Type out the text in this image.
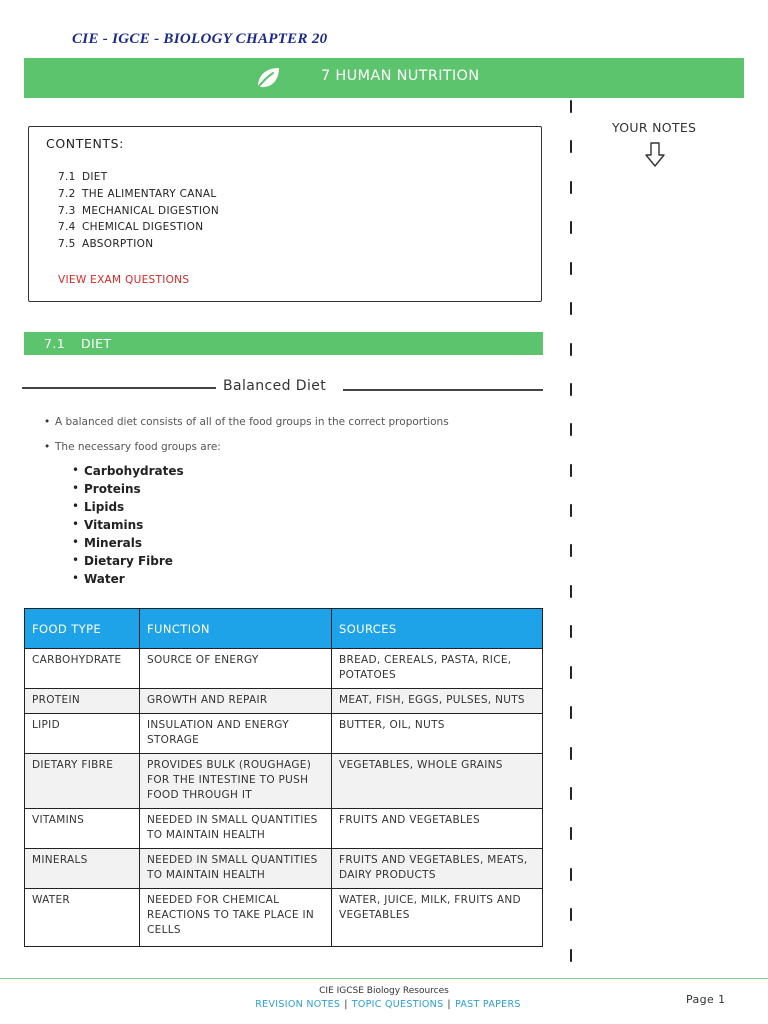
CIE - IGCE - BIOLOGY CHAPTER 20
7 HUMAN NUTRITION
YOUR NOTES
CONTENTS:
7.1 DIET
7.2 THE ALIMENTARY CANAL
7.3 MECHANICAL DIGESTION
7.4 CHEMICAL DIGESTION
7.5 ABSORPTION
VIEW EXAM QUESTIONS
7.1 DIET
Balanced Diet
• A balanced diet consists of all of the food groups in the correct proportions
• The necessary food groups are:
• Carbohydrates
• Proteins
• Lipids
• Vitamins
• Minerals
• Dietary Fibre
• Water
FOOD TYPE	FUNCTION	SOURCES
CARBOHYDRATE	SOURCE OF ENERGY	BREAD, CEREALS, PASTA, RICE, POTATOES
PROTEIN	GROWTH AND REPAIR	MEAT, FISH, EGGS, PULSES, NUTS
LIPID	INSULATION AND ENERGY STORAGE	BUTTER, OIL, NUTS
DIETARY FIBRE	PROVIDES BULK (ROUGHAGE) FOR THE INTESTINE TO PUSH FOOD THROUGH IT	VEGETABLES, WHOLE GRAINS
VITAMINS	NEEDED IN SMALL QUANTITIES TO MAINTAIN HEALTH	FRUITS AND VEGETABLES
MINERALS	NEEDED IN SMALL QUANTITIES TO MAINTAIN HEALTH	FRUITS AND VEGETABLES, MEATS, DAIRY PRODUCTS
WATER	NEEDED FOR CHEMICAL REACTIONS TO TAKE PLACE IN CELLS	WATER, JUICE, MILK, FRUITS AND VEGETABLES
CIE IGCSE Biology Resources
REVISION NOTES | TOPIC QUESTIONS | PAST PAPERS	Page 1
